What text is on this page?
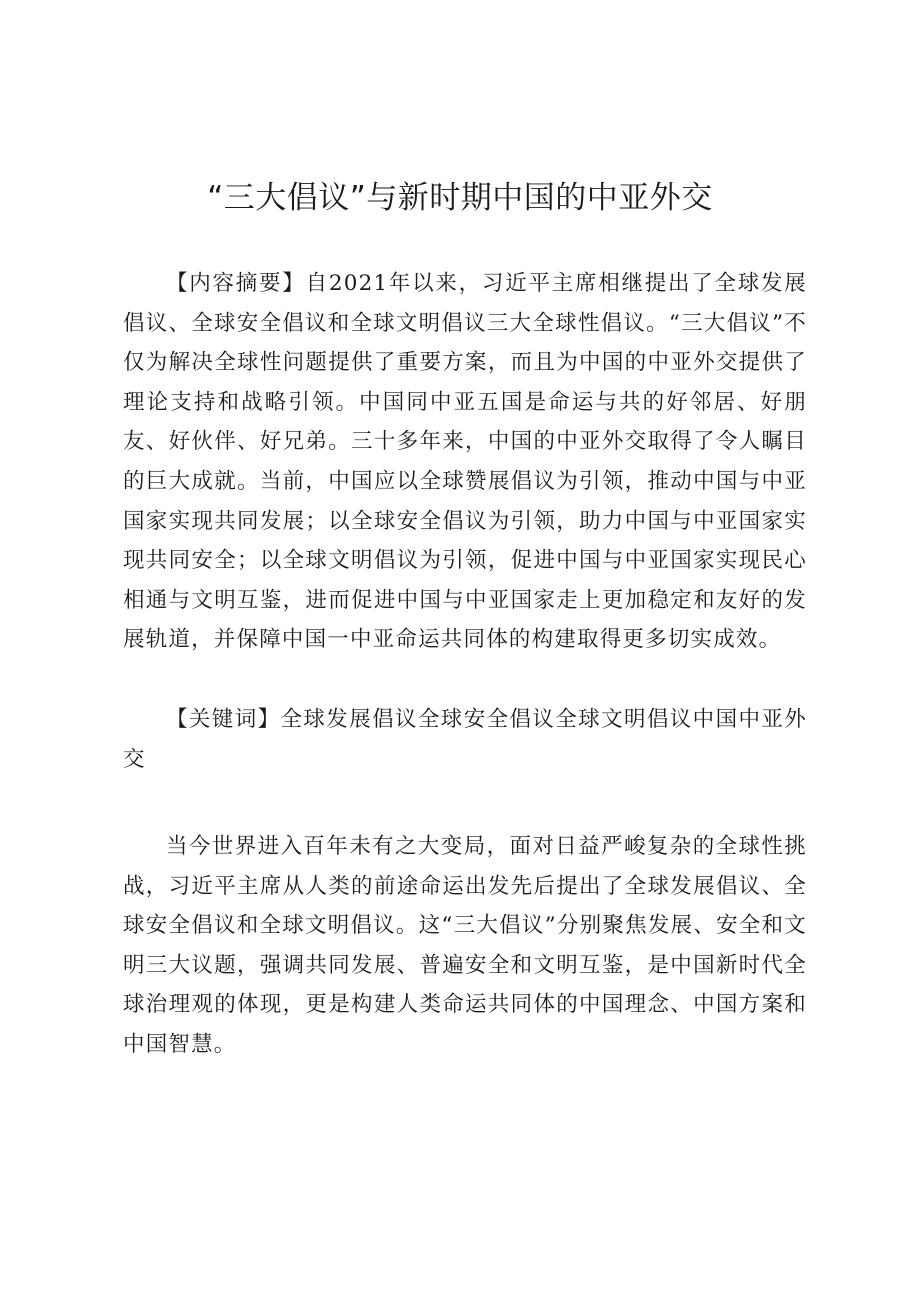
“三大倡议”与新时期中国的中亚外交

【内容摘要】自2021年以来，习近平主席相继提出了全球发展倡议、全球安全倡议和全球文明倡议三大全球性倡议。“三大倡议”不仅为解决全球性问题提供了重要方案，而且为中国的中亚外交提供了理论支持和战略引领。中国同中亚五国是命运与共的好邻居、好朋友、好伙伴、好兄弟。三十多年来，中国的中亚外交取得了令人瞩目的巨大成就。当前，中国应以全球赞展倡议为引领，推动中国与中亚国家实现共同发展；以全球安全倡议为引领，助力中国与中亚国家实现共同安全；以全球文明倡议为引领，促进中国与中亚国家实现民心相通与文明互鉴，进而促进中国与中亚国家走上更加稳定和友好的发展轨道，并保障中国一中亚命运共同体的构建取得更多切实成效。

【关键词】全球发展倡议全球安全倡议全球文明倡议中国中亚外交

当今世界进入百年未有之大变局，面对日益严峻复杂的全球性挑战，习近平主席从人类的前途命运出发先后提出了全球发展倡议、全球安全倡议和全球文明倡议。这“三大倡议”分别聚焦发展、安全和文明三大议题，强调共同发展、普遍安全和文明互鉴，是中国新时代全球治理观的体现，更是构建人类命运共同体的中国理念、中国方案和中国智慧。
